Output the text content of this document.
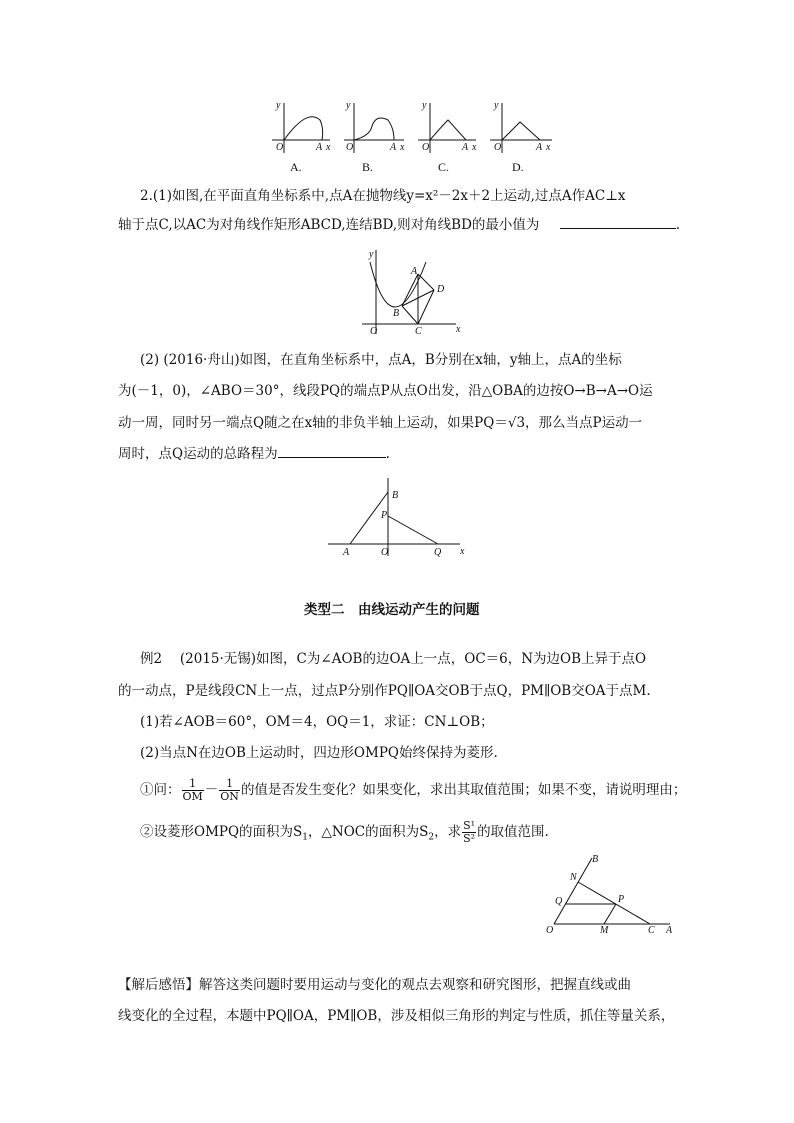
y
O	A x
y
O	A x
y
O	A x
y
O	A x
A.	B.	C.	D.
2.(1)如图,在平面直角坐标系中,点A在抛物线y=x²－2x＋2上运动,过点A作AC⊥x
轴于点C,以AC为对角线作矩形ABCD,连结BD,则对角线BD的最小值为	.
y
O	x
A
B
C
D
(2) (2016·舟山)如图，在直角坐标系中，点A，B分别在x轴，y轴上，点A的坐标
为(－1，0)，∠ABO＝30°，线段PQ的端点P从点O出发，沿△OBA的边按O→B→A→O运
动一周，同时另一端点Q随之在x轴的非负半轴上运动，如果PQ＝√3，那么当点P运动一
周时，点Q运动的总路程为	.
B
P
A	O	Q x
类型二　由线运动产生的问题
例2　 (2015·无锡)如图，C为∠AOB的边OA上一点，OC＝6，N为边OB上异于点O
的一动点，P是线段CN上一点，过点P分别作PQ∥OA交OB于点Q，PM∥OB交OA于点M.
(1)若∠AOB＝60°，OM＝4，OQ＝1，求证：CN⊥OB；
(2)当点N在边OB上运动时，四边形OMPQ始终保持为菱形.
①问： $\frac{1}{OM} - \frac{1}{ON}$ 的值是否发生变化？如果变化，求出其取值范围；如果不变，请说明理由；
②设菱形OMPQ的面积为$S_1$，△NOC的面积为$S_2$，求 $\frac{\text{S¹}}{\text{S²}}$ 的取值范围.
B
N
Q	P
O	M	C A
【解后感悟】解答这类问题时要用运动与变化的观点去观察和研究图形，把握直线或曲
线变化的全过程，本题中PQ∥OA，PM∥OB，涉及相似三角形的判定与性质，抓住等量关系，
